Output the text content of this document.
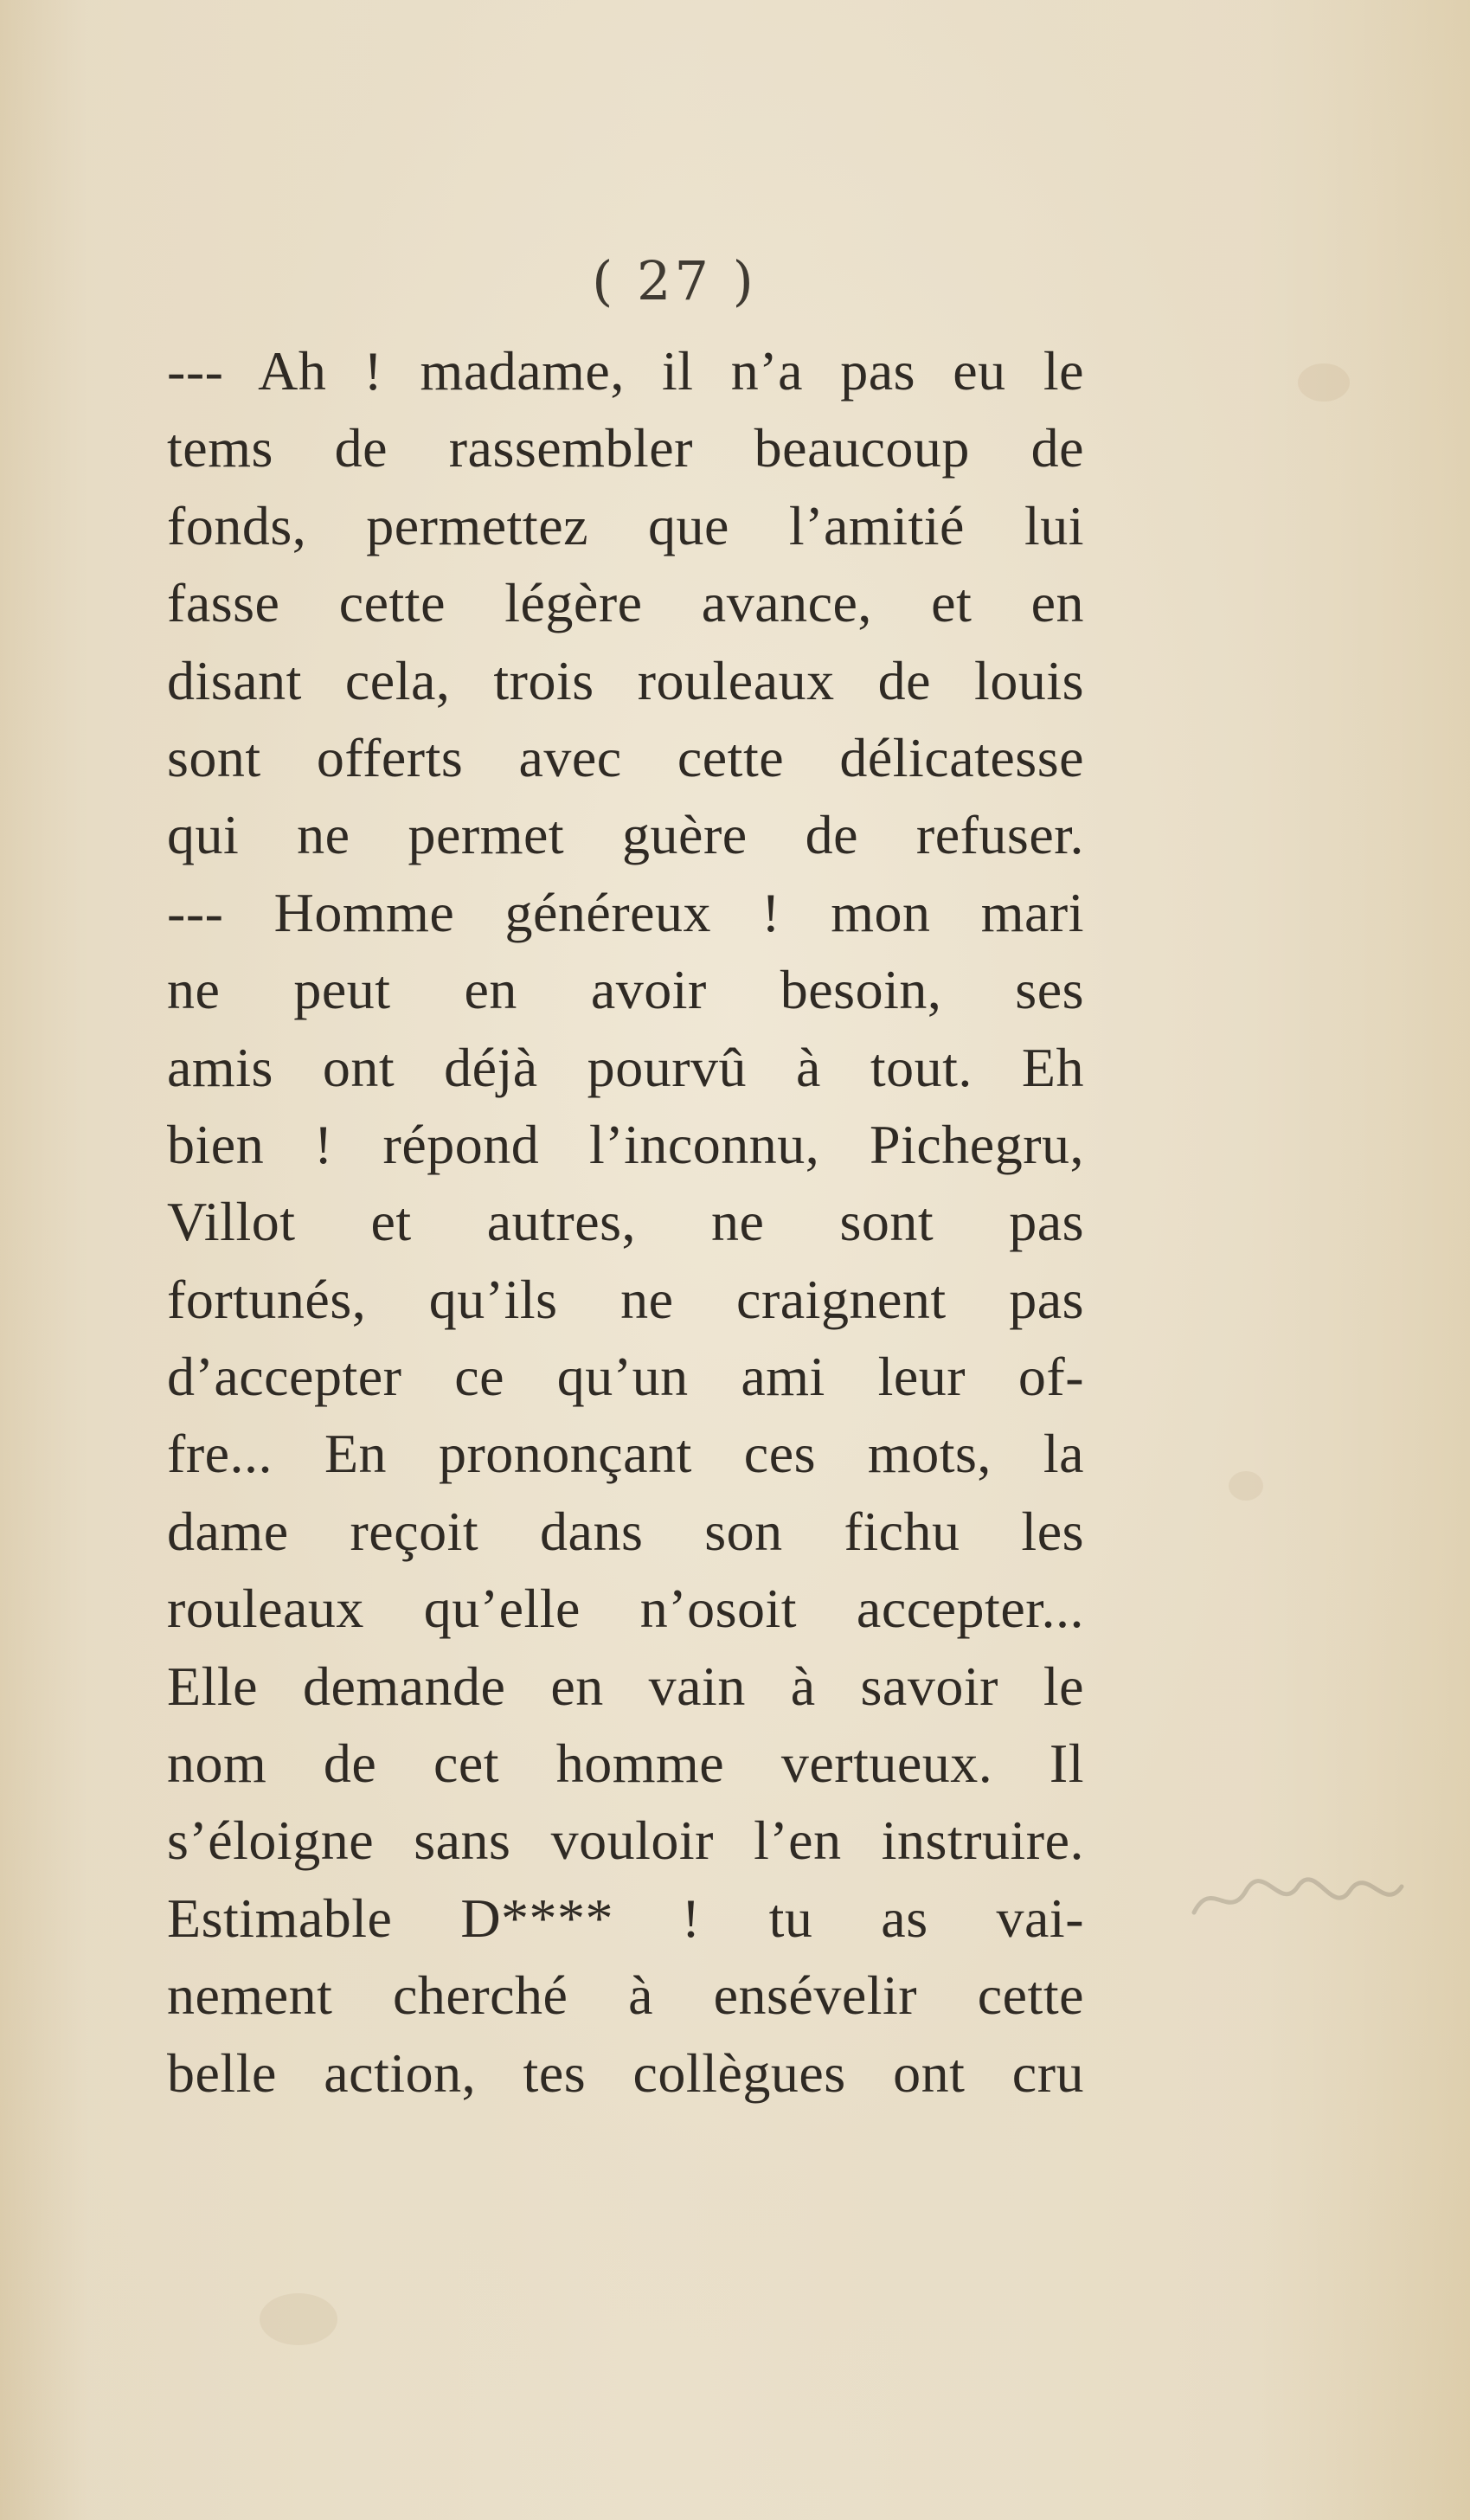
( 27 )
--- Ah ! madame, il n’a pas eu le
tems de rassembler beaucoup de
fonds, permettez que l’amitié lui
fasse cette légère avance, et en
disant cela, trois rouleaux de louis
sont offerts avec cette délicatesse
qui ne permet guère de refuser.
--- Homme généreux ! mon mari
ne peut en avoir besoin, ses
amis ont déjà pourvû à tout. Eh
bien ! répond l’inconnu, Pichegru,
Villot et autres, ne sont pas
fortunés, qu’ils ne craignent pas
d’accepter ce qu’un ami leur of-
fre... En prononçant ces mots, la
dame reçoit dans son fichu les
rouleaux qu’elle n’osoit accepter...
Elle demande en vain à savoir le
nom de cet homme vertueux. Il
s’éloigne sans vouloir l’en instruire.
Estimable D**** ! tu as vai-
nement cherché à ensévelir cette
belle action, tes collègues ont cru
